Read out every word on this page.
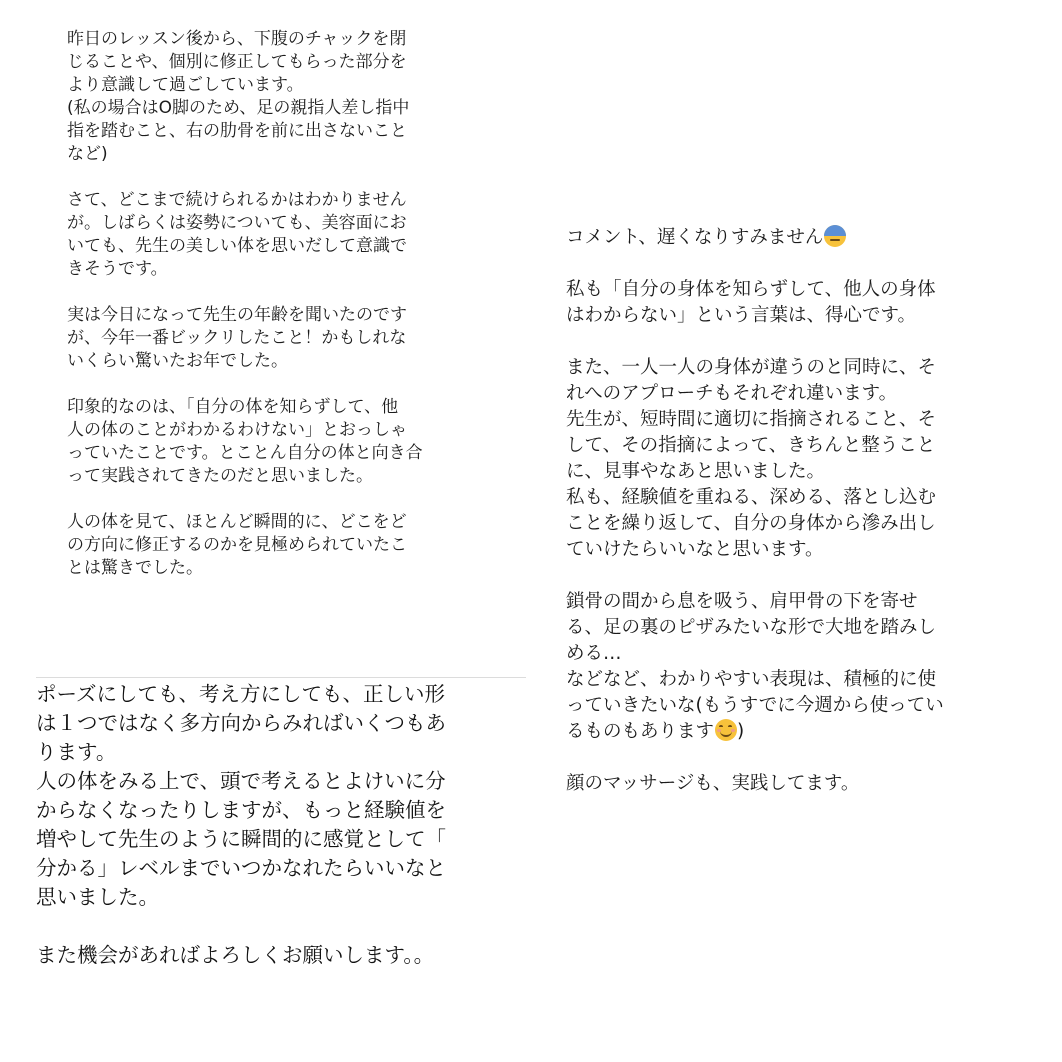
昨日のレッスン後から、下腹のチャックを閉
じることや、個別に修正してもらった部分を
より意識して過ごしています。
(私の場合はO脚のため、足の親指人差し指中
指を踏むこと、右の肋骨を前に出さないこと
など)

さて、どこまで続けられるかはわかりません
が。しばらくは姿勢についても、美容面にお
いても、先生の美しい体を思いだして意識で
きそうです。

実は今日になって先生の年齢を聞いたのです
が、今年一番ビックリしたこと！かもしれな
いくらい驚いたお年でした。

印象的なのは、「自分の体を知らずして、他
人の体のことがわかるわけない」とおっしゃ
っていたことです。とことん自分の体と向き合
って実践されてきたのだと思いました。

人の体を見て、ほとんど瞬間的に、どこをど
の方向に修正するのかを見極められていたこ
とは驚きでした。

ポーズにしても、考え方にしても、正しい形
は１つではなく多方向からみればいくつもあ
ります。
人の体をみる上で、頭で考えるとよけいに分
からなくなったりしますが、もっと経験値を
増やして先生のように瞬間的に感覚として「
分かる」レベルまでいつかなれたらいいなと
思いました。

また機会があればよろしくお願いします。。

コメント、遅くなりすみません

私も「自分の身体を知らずして、他人の身体
はわからない」という言葉は、得心です。

また、一人一人の身体が違うのと同時に、そ
れへのアプローチもそれぞれ違います。
先生が、短時間に適切に指摘されること、そ
して、その指摘によって、きちんと整うこと
に、見事やなあと思いました。
私も、経験値を重ねる、深める、落とし込む
ことを繰り返して、自分の身体から滲み出し
ていけたらいいなと思います。

鎖骨の間から息を吸う、肩甲骨の下を寄せ
る、足の裏のピザみたいな形で大地を踏みし
める…
などなど、わかりやすい表現は、積極的に使
っていきたいな(もうすでに今週から使ってい
るものもあります )

顔のマッサージも、実践してます。
